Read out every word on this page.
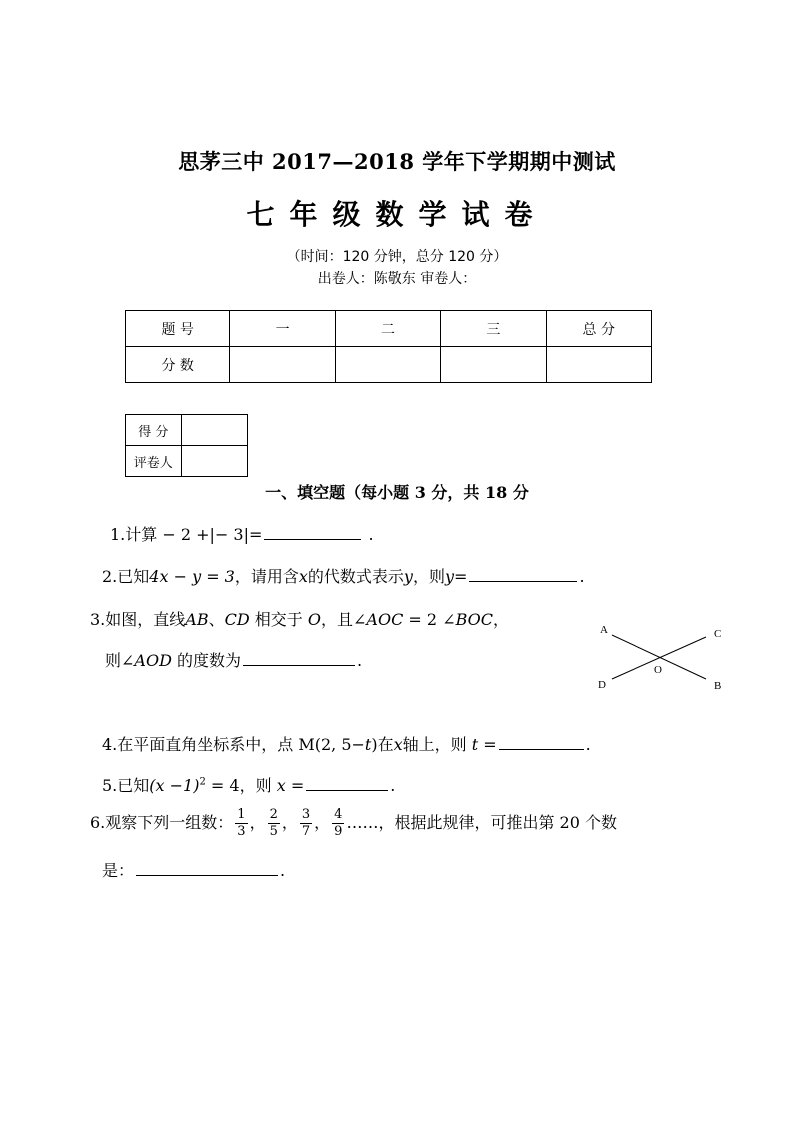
思茅三中 2017—2018 学年下学期期中测试
七年级数学试卷
（时间：120 分钟，总分 120 分）
出卷人：陈敬东 审卷人：
题 号	一	二	三	总 分
分 数				
得 分	
评卷人	
一、填空题（每小题 3 分，共 18 分
1.计算 − 2 +|− 3|=	.
2.已知4x − y = 3，请用含x的代数式表示y，则y=	.
3.如图，直线AB、CD 相交于 O，且∠AOC = 2 ∠BOC，
则∠AOD 的度数为	.
A	C
O
D	B
4.在平面直角坐标系中，点 M(2, 5−t)在x轴上，则 t =	.
5.已知$(x -1)^2 = 4$，则 x =	.
6.观察下列一组数： $\frac{1}{3}$ ， $\frac{2}{5}$ ， $\frac{3}{7}$ ， $\frac{4}{9}$ ……，根据此规律，可推出第 20 个数
是：	.
